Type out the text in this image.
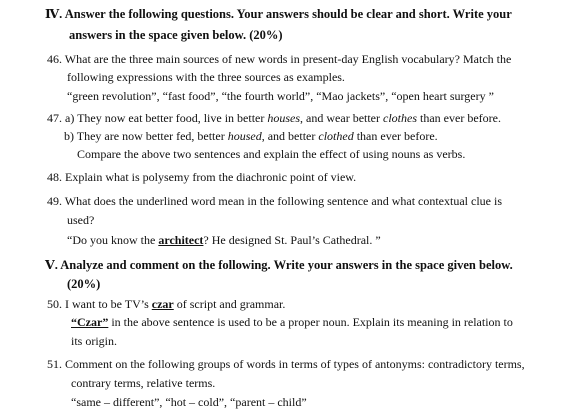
Ⅳ. Answer the following questions. Your answers should be clear and short. Write your
answers in the space given below. (20%)
46. What are the three main sources of new words in present-day English vocabulary? Match the
following expressions with the three sources as examples.
“green revolution”, “fast food”, “the fourth world”, “Mao jackets”, “open heart surgery ”
47. a) They now eat better food, live in better houses, and wear better clothes than ever before.
b) They are now better fed, better housed, and better clothed than ever before.
Compare the above two sentences and explain the effect of using nouns as verbs.
48. Explain what is polysemy from the diachronic point of view.
49. What does the underlined word mean in the following sentence and what contextual clue is
used?
“Do you know the architect? He designed St. Paul’s Cathedral. ”
Ⅴ. Analyze and comment on the following. Write your answers in the space given below.
(20%)
50. I want to be TV’s czar of script and grammar.
“Czar” in the above sentence is used to be a proper noun. Explain its meaning in relation to
its origin.
51. Comment on the following groups of words in terms of types of antonyms: contradictory terms,
contrary terms, relative terms.
“same – different”, “hot – cold”, “parent – child”
